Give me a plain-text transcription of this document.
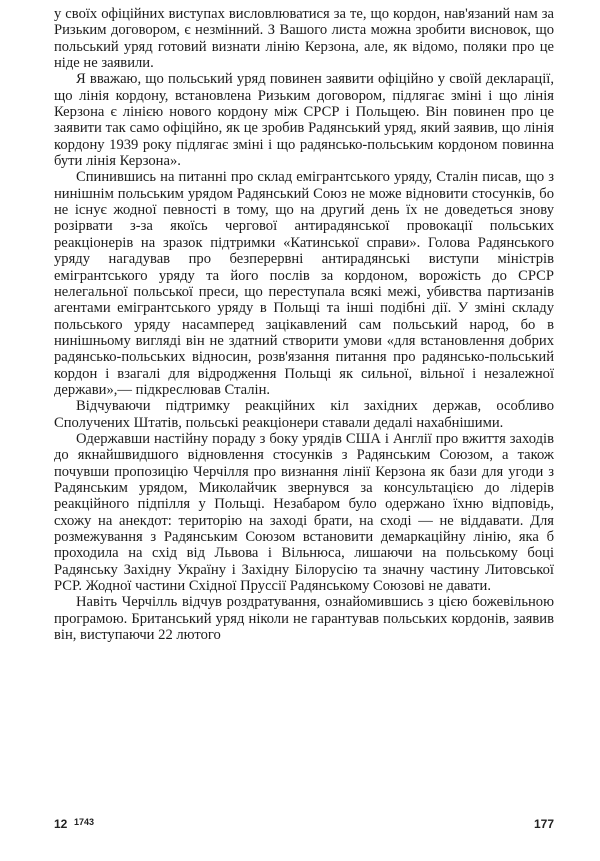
у своїх офіційних виступах висловлюватися за те, що кордон, нав'язаний нам за Ризьким договором, є незмінний. З Вашого листа можна зробити висновок, що польський уряд готовий визнати лінію Керзона, але, як відомо, поляки про це ніде не заявили.

Я вважаю, що польський уряд повинен заявити офіційно у своїй декларації, що лінія кордону, встановлена Ризьким договором, підлягає зміні і що лінія Керзона є лінією нового кордону між СРСР і Польщею. Він повинен про це заявити так само офіційно, як це зробив Радянський уряд, який заявив, що лінія кордону 1939 року підлягає зміні і що радянсько-польським кордоном повинна бути лінія Керзона».

Спинившись на питанні про склад емігрантського уряду, Сталін писав, що з нинішнім польським урядом Радянський Союз не може відновити стосунків, бо не існує жодної певності в тому, що на другий день їх не доведеться знову розірвати з-за якоїсь чергової антирадянської провокації польських реакціонерів на зразок підтримки «Катинської справи». Голова Радянського уряду нагадував про безперервні антирадянські виступи міністрів емігрантського уряду та його послів за кордоном, ворожість до СРСР нелегальної польської преси, що переступала всякі межі, убивства партизанів агентами емігрантського уряду в Польщі та інші подібні дії. У зміні складу польського уряду насамперед зацікавлений сам польський народ, бо в нинішньому вигляді він не здатний створити умови «для встановлення добрих радянсько-польських відносин, розв'язання питання про радянсько-польський кордон і взагалі для відродження Польщі як сильної, вільної і незалежної держави»,— підкреслював Сталін.

Відчуваючи підтримку реакційних кіл західних держав, особливо Сполучених Штатів, польські реакціонери ставали дедалі нахабнішими.

Одержавши настійну пораду з боку урядів США і Англії про вжиття заходів до якнайшвидшого відновлення стосунків з Радянським Союзом, а також почувши пропозицію Черчілля про визнання лінії Керзона як бази для угоди з Радянським урядом, Миколайчик звернувся за консультацією до лідерів реакційного підпілля у Польщі. Незабаром було одержано їхню відповідь, схожу на анекдот: територію на заході брати, на сході — не віддавати. Для розмежування з Радянським Союзом встановити демаркаційну лінію, яка б проходила на схід від Львова і Вільнюса, лишаючи на польському боці Радянську Західну Україну і Західну Білорусію та значну частину Литовської РСР. Жодної частини Східної Пруссії Радянському Союзові не давати.

Навіть Черчілль відчув роздратування, ознайомившись з цією божевільною програмою. Британський уряд ніколи не гарантував польських кордонів, заявив він, виступаючи 22 лютого

12 1743	177
